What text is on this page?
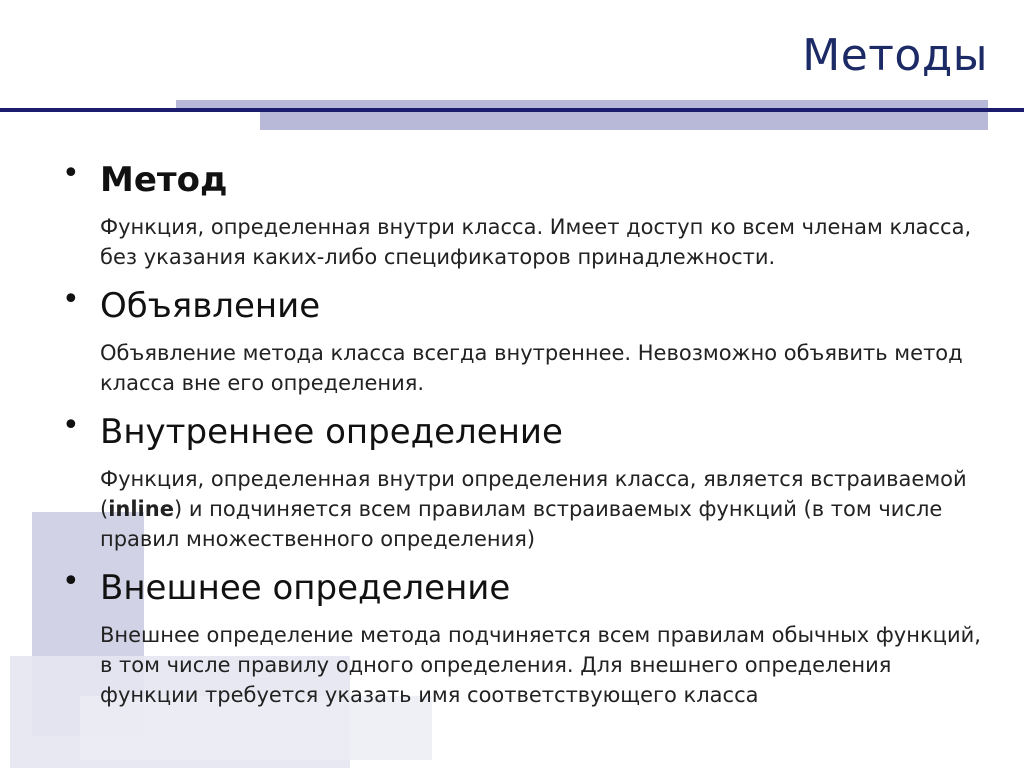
Методы
• Метод
Функция, определенная внутри класса. Имеет доступ ко всем членам класса, без указания каких-либо спецификаторов принадлежности.
• Объявление
Объявление метода класса всегда внутреннее. Невозможно объявить метод класса вне его определения.
• Внутреннее определение
Функция, определенная внутри определения класса, является встраиваемой (inline) и подчиняется всем правилам встраиваемых функций (в том числе правил множественного определения)
• Внешнее определение
Внешнее определение метода подчиняется всем правилам обычных функций, в том числе правилу одного определения. Для внешнего определения функции требуется указать имя соответствующего класса
